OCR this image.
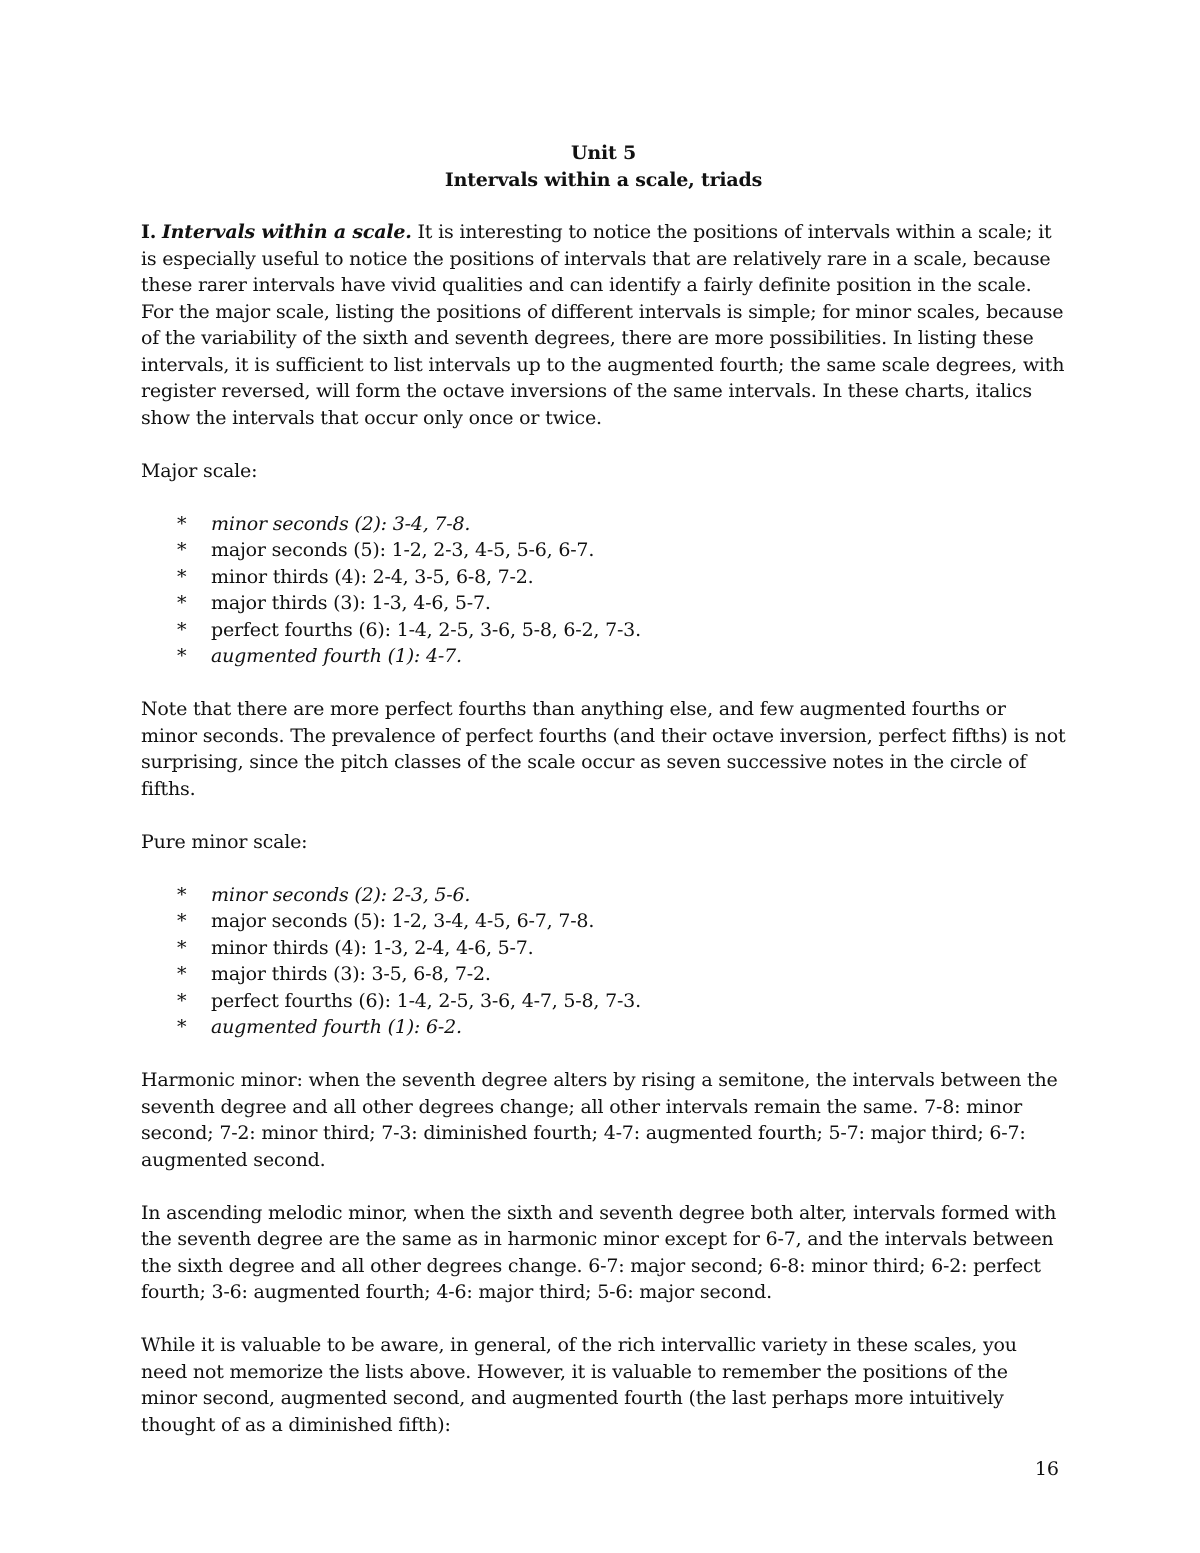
Unit 5

Intervals within a scale, triads

I. Intervals within a scale. It is interesting to notice the positions of intervals within a scale; it is especially useful to notice the positions of intervals that are relatively rare in a scale, because these rarer intervals have vivid qualities and can identify a fairly definite position in the scale. For the major scale, listing the positions of different intervals is simple; for minor scales, because of the variability of the sixth and seventh degrees, there are more possibilities. In listing these intervals, it is sufficient to list intervals up to the augmented fourth; the same scale degrees, with register reversed, will form the octave inversions of the same intervals. In these charts, italics show the intervals that occur only once or twice.

Major scale:

* minor seconds (2): 3-4, 7-8.
* major seconds (5): 1-2, 2-3, 4-5, 5-6, 6-7.
* minor thirds (4): 2-4, 3-5, 6-8, 7-2.
* major thirds (3): 1-3, 4-6, 5-7.
* perfect fourths (6): 1-4, 2-5, 3-6, 5-8, 6-2, 7-3.
* augmented fourth (1): 4-7.

Note that there are more perfect fourths than anything else, and few augmented fourths or minor seconds. The prevalence of perfect fourths (and their octave inversion, perfect fifths) is not surprising, since the pitch classes of the scale occur as seven successive notes in the circle of fifths.

Pure minor scale:

* minor seconds (2): 2-3, 5-6.
* major seconds (5): 1-2, 3-4, 4-5, 6-7, 7-8.
* minor thirds (4): 1-3, 2-4, 4-6, 5-7.
* major thirds (3): 3-5, 6-8, 7-2.
* perfect fourths (6): 1-4, 2-5, 3-6, 4-7, 5-8, 7-3.
* augmented fourth (1): 6-2.

Harmonic minor: when the seventh degree alters by rising a semitone, the intervals between the seventh degree and all other degrees change; all other intervals remain the same. 7-8: minor second; 7-2: minor third; 7-3: diminished fourth; 4-7: augmented fourth; 5-7: major third; 6-7: augmented second.

In ascending melodic minor, when the sixth and seventh degree both alter, intervals formed with the seventh degree are the same as in harmonic minor except for 6-7, and the intervals between the sixth degree and all other degrees change. 6-7: major second; 6-8: minor third; 6-2: perfect fourth; 3-6: augmented fourth; 4-6: major third; 5-6: major second.

While it is valuable to be aware, in general, of the rich intervallic variety in these scales, you need not memorize the lists above. However, it is valuable to remember the positions of the minor second, augmented second, and augmented fourth (the last perhaps more intuitively thought of as a diminished fifth):

16
